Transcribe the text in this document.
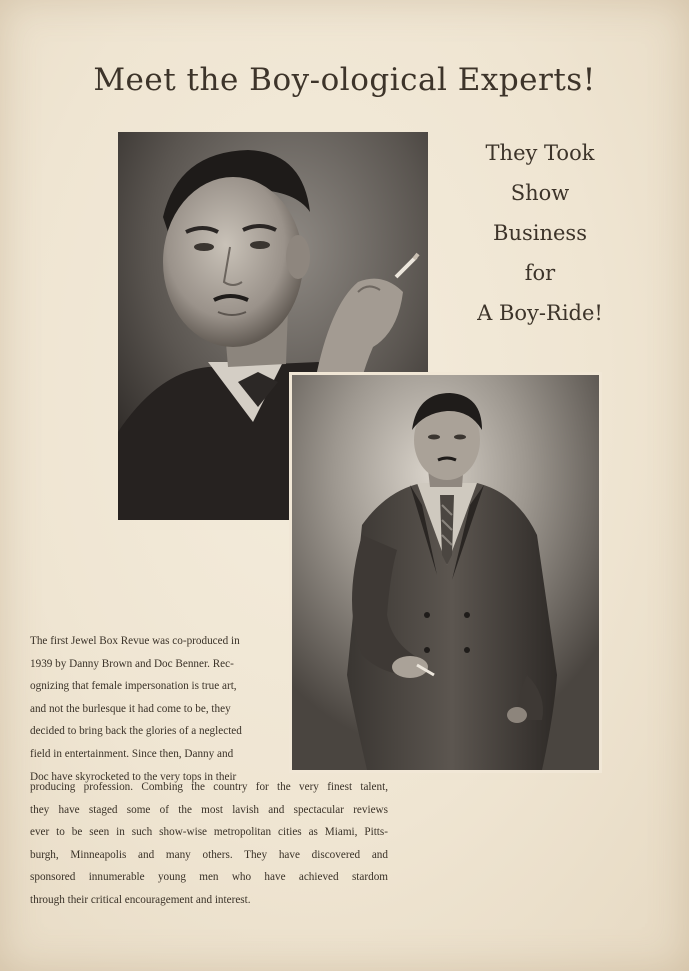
Meet the Boy-ological Experts!
They Took
Show
Business
for
A Boy-Ride!
The first Jewel Box Revue was co-produced in
1939 by Danny Brown and Doc Benner. Rec-
ognizing that female impersonation is true art,
and not the burlesque it had come to be, they
decided to bring back the glories of a neglected
field in entertainment. Since then, Danny and
Doc have skyrocketed to the very tops in their
producing profession. Combing the country for the very finest talent,
they have staged some of the most lavish and spectacular reviews
ever to be seen in such show-wise metropolitan cities as Miami, Pitts-
burgh, Minneapolis and many others. They have discovered and
sponsored innumerable young men who have achieved stardom
through their critical encouragement and interest.
